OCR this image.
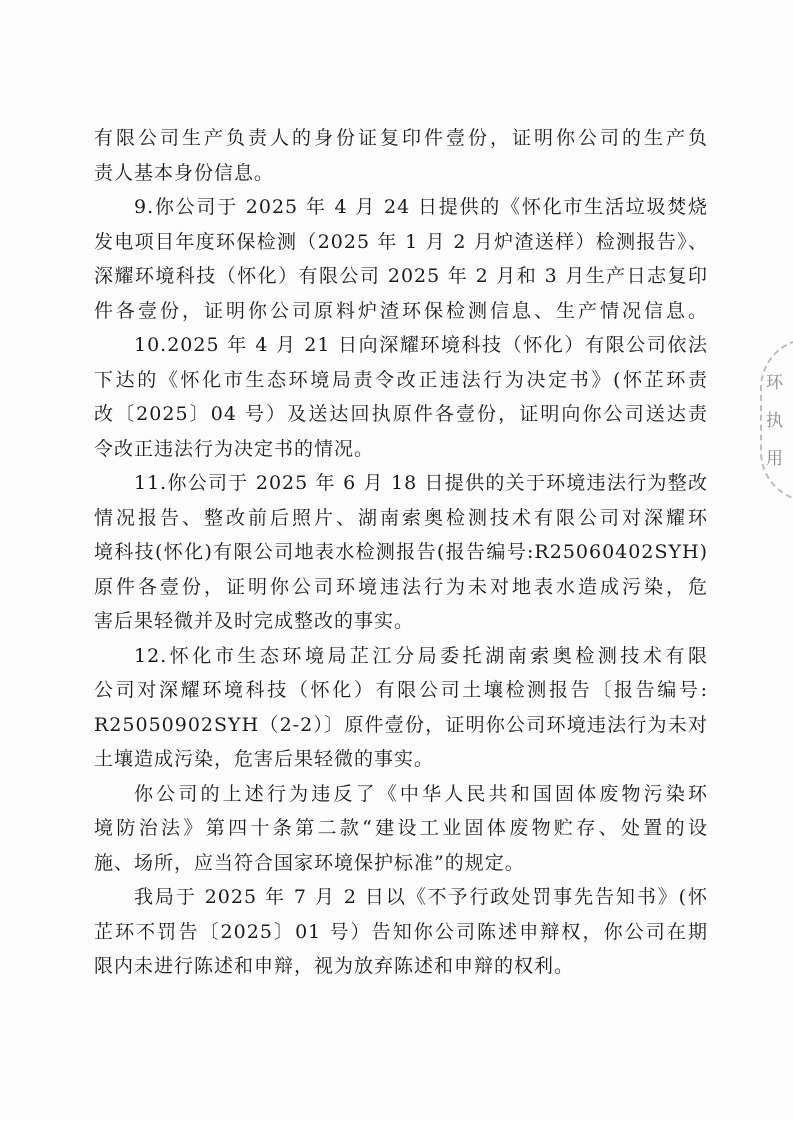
有限公司生产负责人的身份证复印件壹份，证明你公司的生产负
责人基本身份信息。
9.你公司于 2025 年 4 月 24 日提供的《怀化市生活垃圾焚烧
发电项目年度环保检测（2025 年 1 月 2 月炉渣送样）检测报告》、
深耀环境科技（怀化）有限公司 2025 年 2 月和 3 月生产日志复印
件各壹份，证明你公司原料炉渣环保检测信息、生产情况信息。
10.2025 年 4 月 21 日向深耀环境科技（怀化）有限公司依法
下达的《怀化市生态环境局责令改正违法行为决定书》(怀芷环责
改〔2025〕04 号）及送达回执原件各壹份，证明向你公司送达责
令改正违法行为决定书的情况。
11.你公司于 2025 年 6 月 18 日提供的关于环境违法行为整改
情况报告、整改前后照片、湖南索奥检测技术有限公司对深耀环
境科技(怀化)有限公司地表水检测报告(报告编号:R25060402SYH)
原件各壹份，证明你公司环境违法行为未对地表水造成污染，危
害后果轻微并及时完成整改的事实。
12.怀化市生态环境局芷江分局委托湖南索奥检测技术有限
公司对深耀环境科技（怀化）有限公司土壤检测报告〔报告编号:
R25050902SYH（2-2）〕原件壹份，证明你公司环境违法行为未对
土壤造成污染，危害后果轻微的事实。
你公司的上述行为违反了《中华人民共和国固体废物污染环
境防治法》第四十条第二款“建设工业固体废物贮存、处置的设
施、场所，应当符合国家环境保护标准”的规定。
我局于 2025 年 7 月 2 日以《不予行政处罚事先告知书》(怀
芷环不罚告〔2025〕01 号）告知你公司陈述申辩权，你公司在期
限内未进行陈述和申辩，视为放弃陈述和申辩的权利。
环
执
用
